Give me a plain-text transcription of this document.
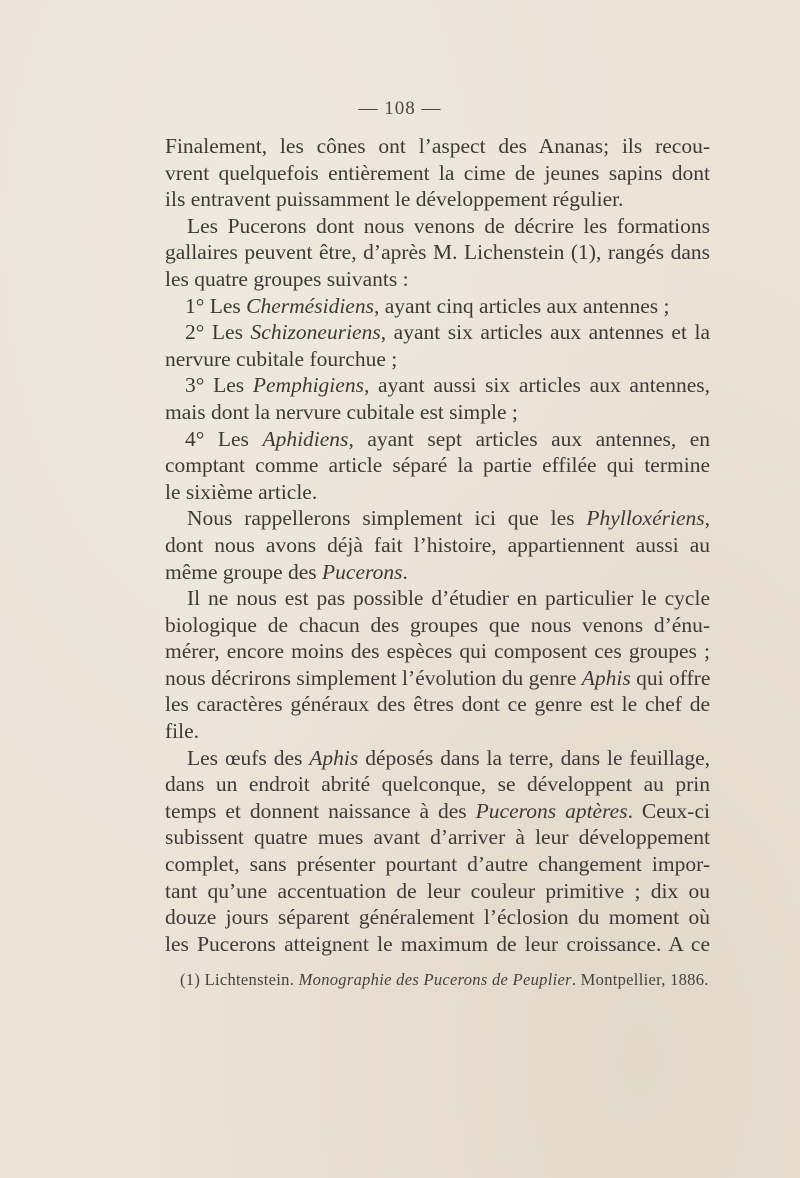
— 108 —
Finalement, les cônes ont l’aspect des Ananas; ils recou-
vrent quelquefois entièrement la cime de jeunes sapins dont
ils entravent puissamment le développement régulier.
Les Pucerons dont nous venons de décrire les formations
gallaires peuvent être, d’après M. Lichenstein (1), rangés dans
les quatre groupes suivants :
1° Les Chermésidiens, ayant cinq articles aux antennes ;
2° Les Schizoneuriens, ayant six articles aux antennes et la
nervure cubitale fourchue ;
3° Les Pemphigiens, ayant aussi six articles aux antennes,
mais dont la nervure cubitale est simple ;
4° Les Aphidiens, ayant sept articles aux antennes, en
comptant comme article séparé la partie effilée qui termine
le sixième article.
Nous rappellerons simplement ici que les Phylloxériens,
dont nous avons déjà fait l’histoire, appartiennent aussi au
même groupe des Pucerons.
Il ne nous est pas possible d’étudier en particulier le cycle
biologique de chacun des groupes que nous venons d’énu-
mérer, encore moins des espèces qui composent ces groupes ;
nous décrirons simplement l’évolution du genre Aphis qui offre
les caractères généraux des êtres dont ce genre est le chef de
file.
Les œufs des Aphis déposés dans la terre, dans le feuillage,
dans un endroit abrité quelconque, se développent au prin
temps et donnent naissance à des Pucerons aptères. Ceux-ci
subissent quatre mues avant d’arriver à leur développement
complet, sans présenter pourtant d’autre changement impor-
tant qu’une accentuation de leur couleur primitive ; dix ou
douze jours séparent généralement l’éclosion du moment où
les Pucerons atteignent le maximum de leur croissance. A ce
(1) Lichtenstein. Monographie des Pucerons de Peuplier. Montpellier, 1886.
